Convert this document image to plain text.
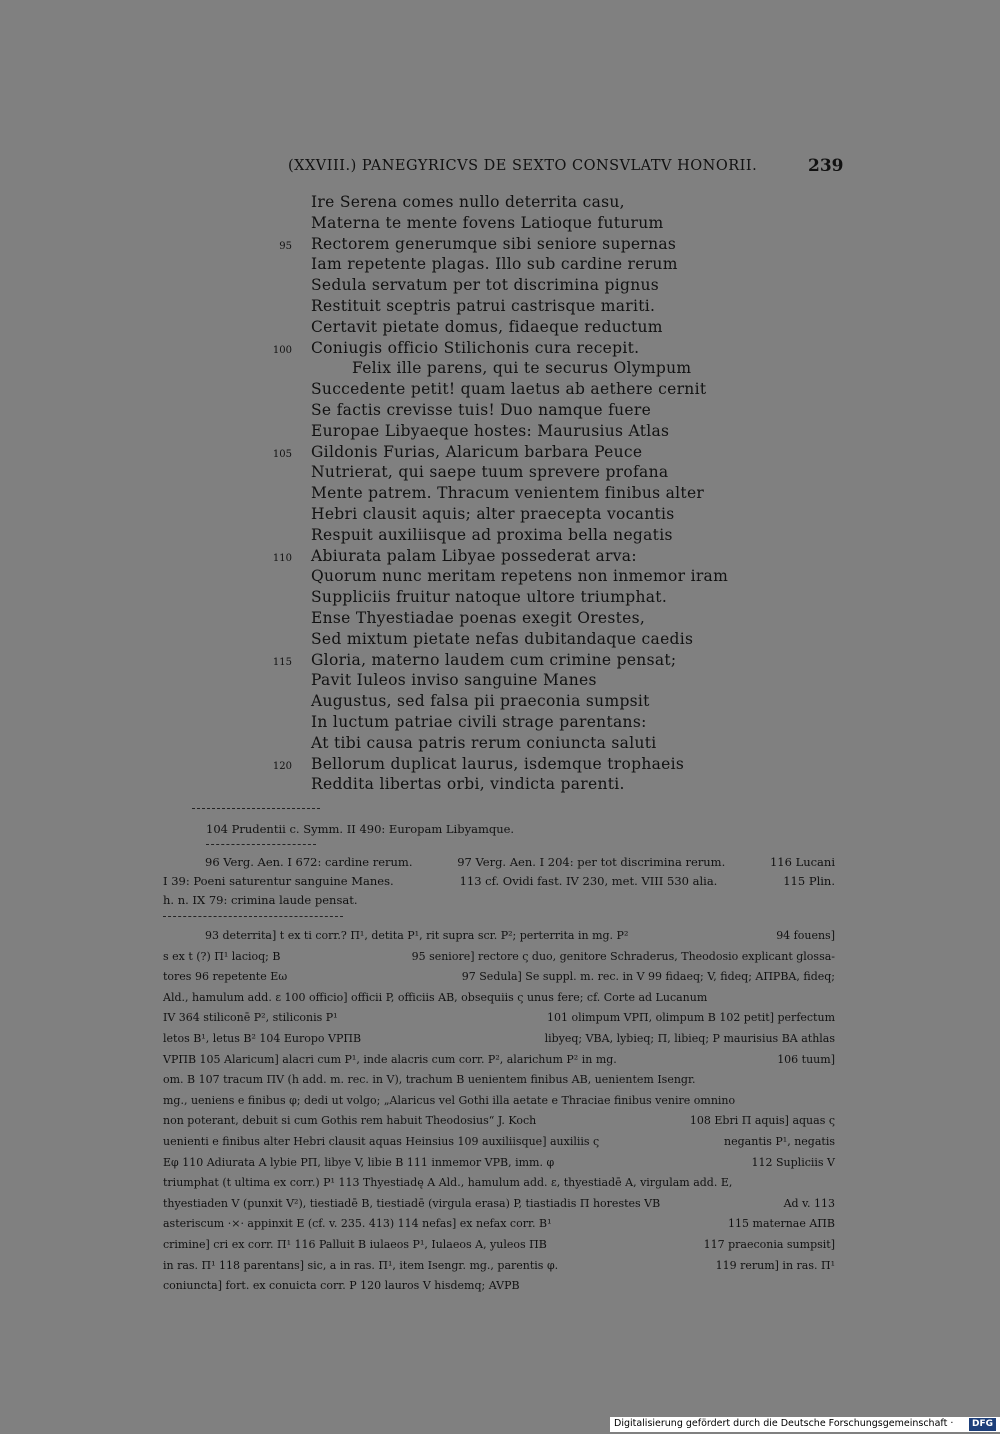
(XXVIII.) PANEGYRICVS DE SEXTO CONSVLATV HONORII.	239
Ire Serena comes nullo deterrita casu,
Materna te mente fovens Latioque futurum
95 Rectorem generumque sibi seniore supernas
Iam repetente plagas. Illo sub cardine rerum
Sedula servatum per tot discrimina pignus
Restituit sceptris patrui castrisque mariti.
Certavit pietate domus, fidaeque reductum
100 Coniugis officio Stilichonis cura recepit.
Felix ille parens, qui te securus Olympum
Succedente petit! quam laetus ab aethere cernit
Se factis crevisse tuis! Duo namque fuere
Europae Libyaeque hostes: Maurusius Atlas
105 Gildonis Furias, Alaricum barbara Peuce
Nutrierat, qui saepe tuum sprevere profana
Mente patrem. Thracum venientem finibus alter
Hebri clausit aquis; alter praecepta vocantis
Respuit auxiliisque ad proxima bella negatis
110 Abiurata palam Libyae possederat arva:
Quorum nunc meritam repetens non inmemor iram
Suppliciis fruitur natoque ultore triumphat.
Ense Thyestiadae poenas exegit Orestes,
Sed mixtum pietate nefas dubitandaque caedis
115 Gloria, materno laudem cum crimine pensat;
Pavit Iuleos inviso sanguine Manes
Augustus, sed falsa pii praeconia sumpsit
In luctum patriae civili strage parentans:
At tibi causa patris rerum coniuncta saluti
120 Bellorum duplicat laurus, isdemque trophaeis
Reddita libertas orbi, vindicta parenti.
104 Prudentii c. Symm. II 490: Europam Libyamque.
96 Verg. Aen. I 672: cardine rerum.	97 Verg. Aen. I 204: per tot discrimina rerum.	116 Lucani
I 39: Poeni saturentur sanguine Manes.	113 cf. Ovidi fast. IV 230, met. VIII 530 alia.	115 Plin.
h. n. IX 79: crimina laude pensat.
93 deterrita] t ex ti corr.? Π¹, detita P¹, rit supra scr. P²; perterrita in mg. P²	94 fouens]
s ex t (?) Π¹ lacioq; B	95 seniore] rectore ς duo, genitore Schraderus, Theodosio explicant glossa-
tores 96 repetente Eω	97 Sedula] Se suppl. m. rec. in V 99 fidaeq; V, fideq; AΠPBA, fideq;
Ald., hamulum add. ε 100 officio] officii P, officiis AB, obsequiis ς unus fere; cf. Corte ad Lucanum
IV 364 stiliconē P², stiliconis P¹	101 olimpum VPΠ, olimpum B 102 petit] perfectum
letos B¹, letus B² 104 Europo VPΠB	libyeq; VBA, lybieq; Π, libieq; P maurisius BA athlas
VPΠB 105 Alaricum] alacri cum P¹, inde alacris cum corr. P², alarichum P² in mg.	106 tuum]
om. B 107 tracum ΠV (h add. m. rec. in V), trachum B uenientem finibus AB, uenientem Isengr.
mg., ueniens e finibus φ; dedi ut volgo; „Alaricus vel Gothi illa aetate e Thraciae finibus venire omnino
non poterant, debuit si cum Gothis rem habuit Theodosius“ J. Koch	108 Ebri Π aquis] aquas ς
uenienti e finibus alter Hebri clausit aquas Heinsius 109 auxiliisque] auxiliis ς	negantis P¹, negatis
Eφ 110 Adiurata A lybie PΠ, libye V, libie B 111 inmemor VPB, imm. φ	112 Supliciis V
triumphat (t ultima ex corr.) P¹ 113 Thyestiadę A Ald., hamulum add. ε, thyestiadē A, virgulam add. E,
thyestiaden V (punxit V²), tiestiadē B, tiestiadē (virgula erasa) P, tiastiadis Π horestes VB	Ad v. 113
asteriscum ·⨯· appinxit E (cf. v. 235. 413) 114 nefas] ex nefax corr. B¹	115 maternae AΠB
crimine] cri ex corr. Π¹ 116 Palluit B iulaeos P¹, Iulaeos A, yuleos ΠB	117 praeconia sumpsit]
in ras. Π¹ 118 parentans] sic, a in ras. Π¹, item Isengr. mg., parentis φ.	119 rerum] in ras. Π¹
coniuncta] fort. ex conuicta corr. P 120 lauros V hisdemq; AVPB
Digitalisierung gefördert durch die Deutsche Forschungsgemeinschaft ·	DFG
